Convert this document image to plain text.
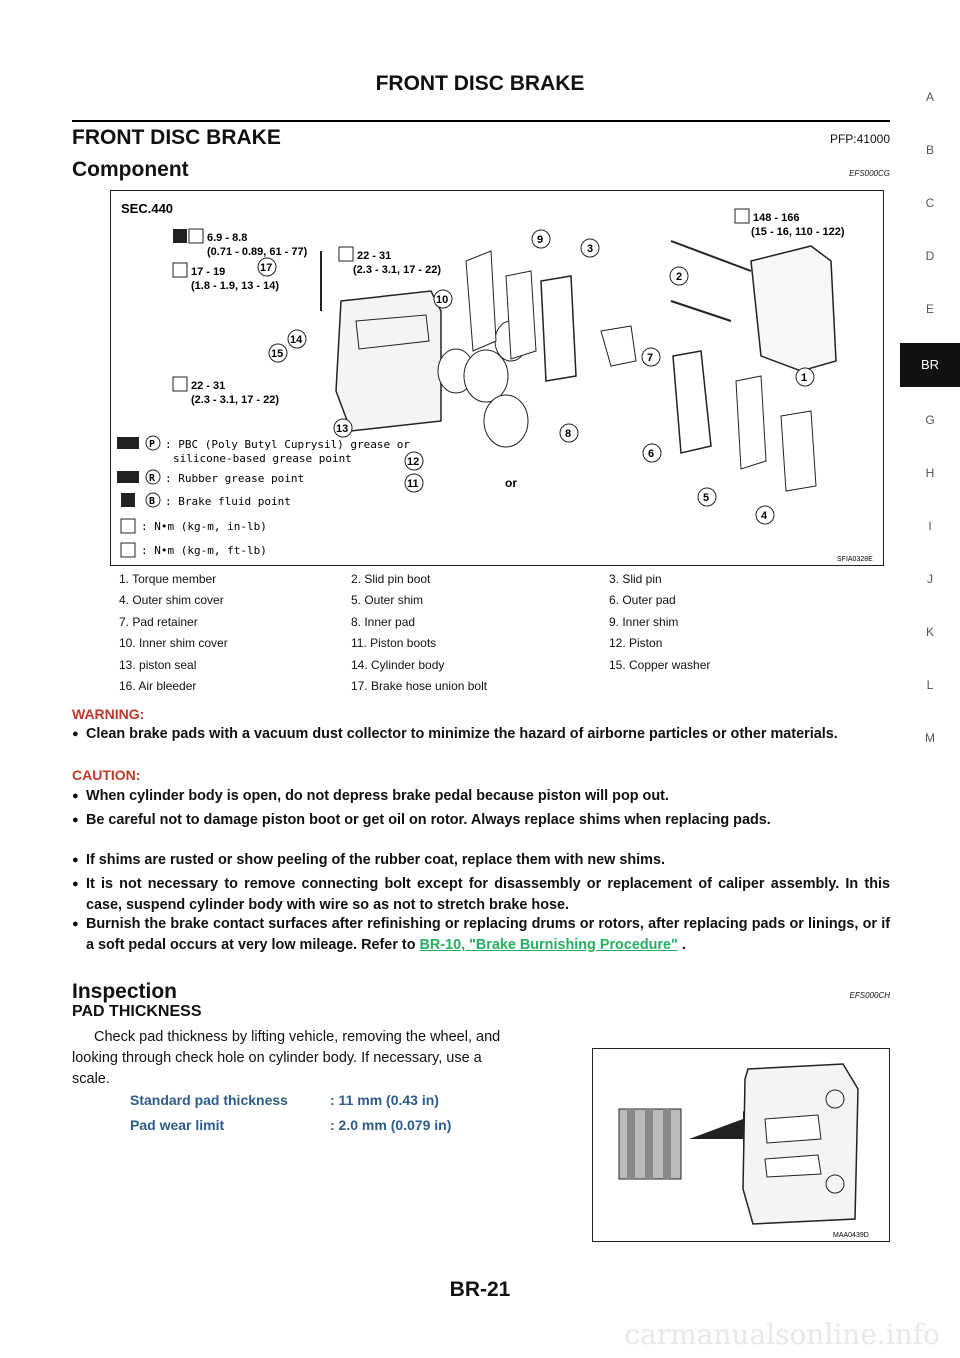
FRONT DISC BRAKE
FRONT DISC BRAKE	PFP:41000
Component	EFS000CG
SEC.440
6.9 - 8.8
(0.71 - 0.89, 61 - 77)
17 - 19
(1.8 - 1.9, 13 - 14)
22 - 31
(2.3 - 3.1, 17 - 22)
22 - 31
(2.3 - 3.1, 17 - 22)
148 - 166
(15 - 16, 110 - 122)
9
10
3
2
14
15
17
1
7
8
6
5
4
13
12
11	or
P : PBC (Poly Butyl Cuprysil) grease or
silicone-based grease point
R : Rubber grease point
B : Brake fluid point
: N•m (kg-m, in-lb)
: N•m (kg-m, ft-lb)
SFIA0328E
1. Torque member	2. Slid pin boot	3. Slid pin
4. Outer shim cover	5. Outer shim	6. Outer pad
7. Pad retainer	8. Inner pad	9. Inner shim
10. Inner shim cover	11. Piston boots	12. Piston
13. piston seal	14. Cylinder body	15. Copper washer
16. Air bleeder	17. Brake hose union bolt	
WARNING:
● Clean brake pads with a vacuum dust collector to minimize the hazard of airborne particles or other materials.
CAUTION:
● When cylinder body is open, do not depress brake pedal because piston will pop out.
● Be careful not to damage piston boot or get oil on rotor. Always replace shims when replacing pads.
● If shims are rusted or show peeling of the rubber coat, replace them with new shims.
● It is not necessary to remove connecting bolt except for disassembly or replacement of caliper assembly. In this case, suspend cylinder body with wire so as not to stretch brake hose.
● Burnish the brake contact surfaces after refinishing or replacing drums or rotors, after replacing pads or linings, or if a soft pedal occurs at very low mileage. Refer to BR-10, "Brake Burnishing Procedure" .
Inspection	EFS000CH
PAD THICKNESS
Check pad thickness by lifting vehicle, removing the wheel, and
looking through check hole on cylinder body. If necessary, use a
scale.
Standard pad thickness	: 11 mm (0.43 in)
Pad wear limit	: 2.0 mm (0.079 in)
MAA0439D
A
B
C
D
E
BR
G
H
I
J
K
L
M
BR-21
carmanualsonline.info
